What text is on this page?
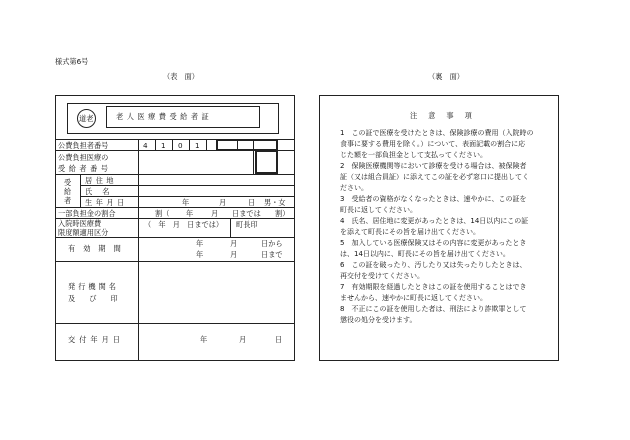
様式第6号
（表　面）	（裏　面）
道老	老人医療費受給者証
公費負担者番号	4 1 0 1
公費負担医療の
受給者番号
受給者
居住地
氏名
生年月日	年	月	日 男・女
一部負担金の割合	割（ 年 月 日までは 割）
入院時医療費
限度額適用区分
（　年　月　日までは） 町長印
有効期間
年	月	日から
年	月	日まで
発行機関名
及び印
交付年月日	年	月	日
注意事項

1　この証で医療を受けたときは、保険診療の費用（入院時の

食事に要する費用を除く。）について、表面記載の割合に応

じた額を一部負担金として支払ってください。

2　保険医療機関等において診療を受ける場合は、被保険者

証（又は組合員証）に添えてこの証を必ず窓口に提出してく

ださい。

3　受給者の資格がなくなったときは、速やかに、この証を

町長に返してください。

4　氏名、居住地に変更があったときは、14日以内にこの証

を添えて町長にその旨を届け出てください。

5　加入している医療保険又はその内容に変更があったとき

は、14日以内に、町長にその旨を届け出てください。

6　この証を破ったり、汚したり又は失ったりしたときは、

再交付を受けてください。

7　有効期限を経過したときはこの証を使用することはでき

ませんから、速やかに町長に返してください。

8　不正にこの証を使用した者は、刑法により詐欺罪として

懲役の処分を受けます。
